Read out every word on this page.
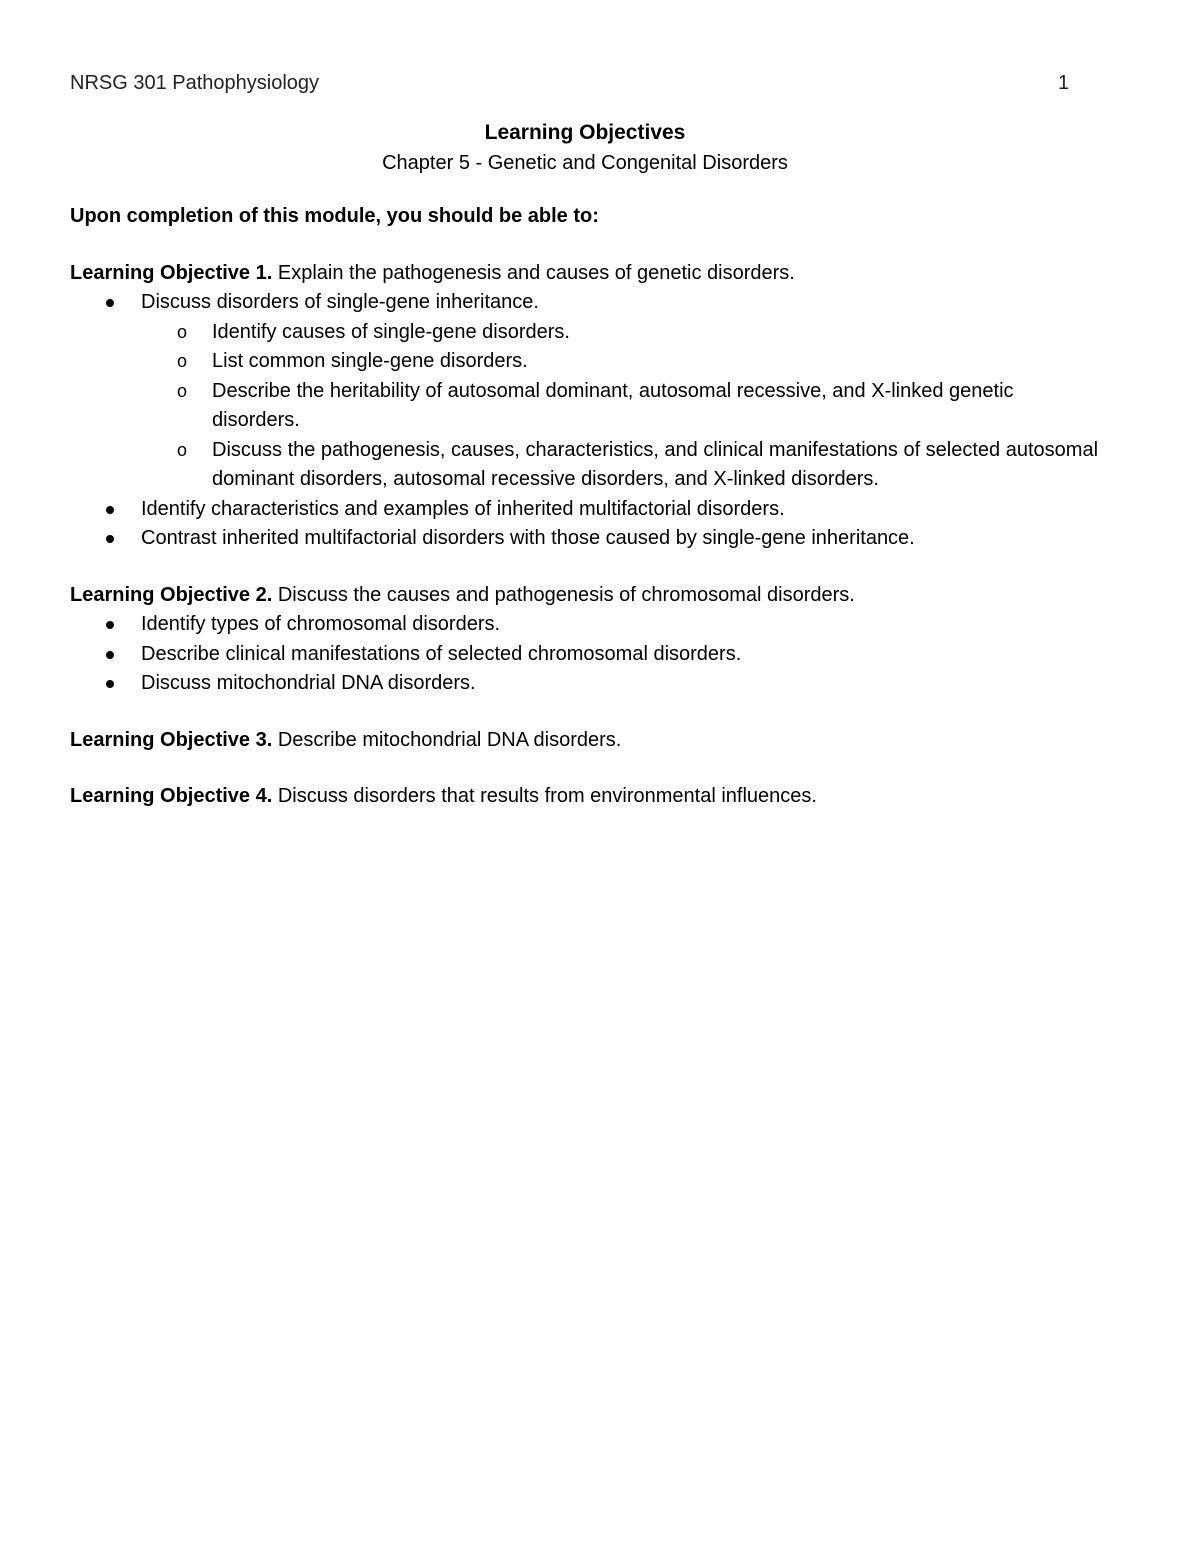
NRSG 301 Pathophysiology	1
Learning Objectives
Chapter 5 - Genetic and Congenital Disorders
Upon completion of this module, you should be able to:
Learning Objective 1. Explain the pathogenesis and causes of genetic disorders.
Discuss disorders of single-gene inheritance.
o Identify causes of single-gene disorders.
o List common single-gene disorders.
o Describe the heritability of autosomal dominant, autosomal recessive, and X-linked genetic disorders.
o Discuss the pathogenesis, causes, characteristics, and clinical manifestations of selected autosomal dominant disorders, autosomal recessive disorders, and X-linked disorders.
Identify characteristics and examples of inherited multifactorial disorders.
Contrast inherited multifactorial disorders with those caused by single-gene inheritance.
Learning Objective 2. Discuss the causes and pathogenesis of chromosomal disorders.
Identify types of chromosomal disorders.
Describe clinical manifestations of selected chromosomal disorders.
Discuss mitochondrial DNA disorders.
Learning Objective 3. Describe mitochondrial DNA disorders.
Learning Objective 4. Discuss disorders that results from environmental influences.
